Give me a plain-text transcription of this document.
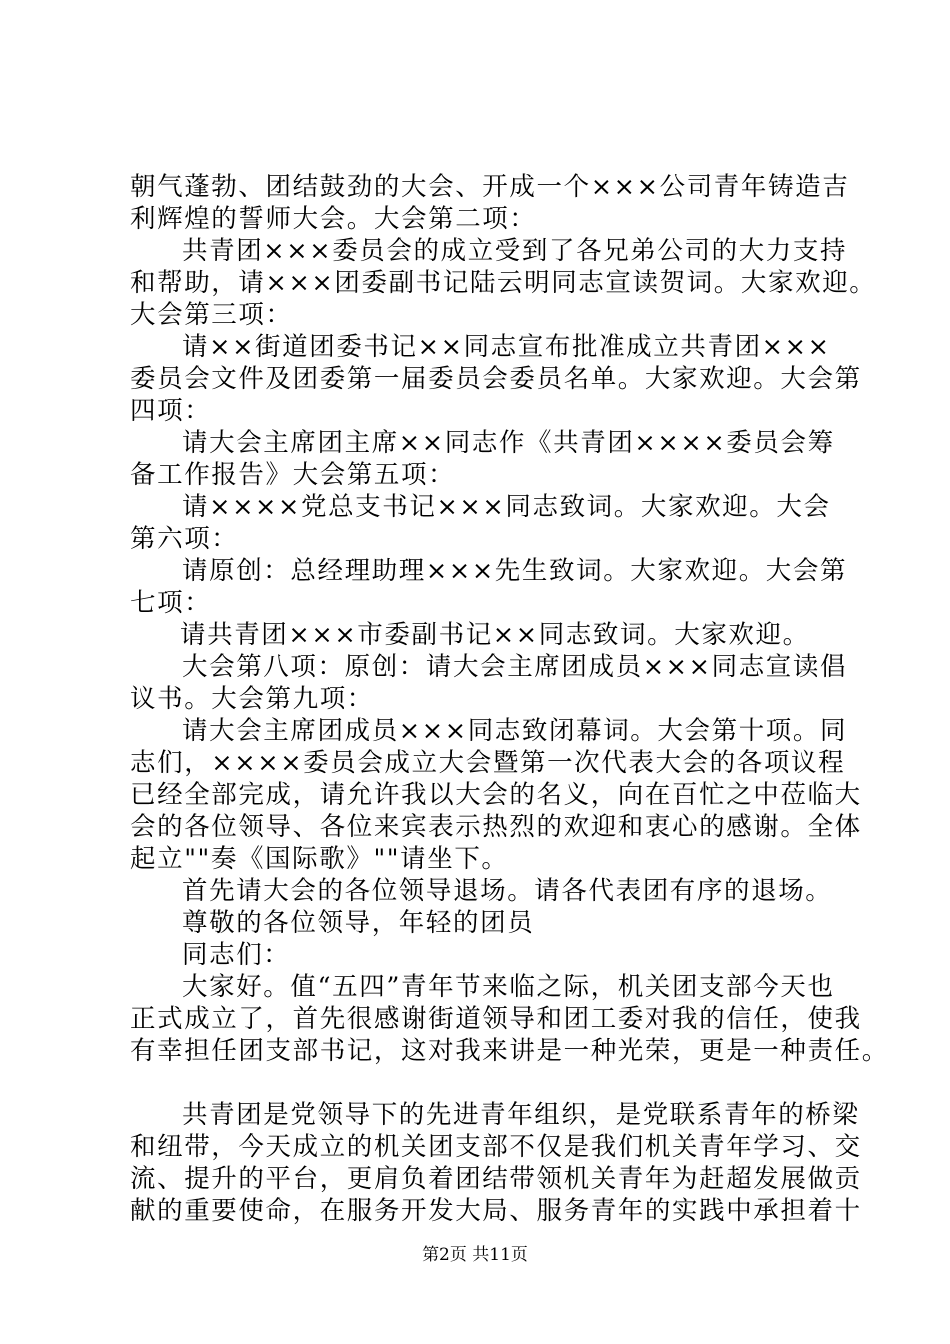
朝气蓬勃、团结鼓劲的大会、开成一个×××公司青年铸造吉
利辉煌的誓师大会。大会第二项：
共青团×××委员会的成立受到了各兄弟公司的大力支持
和帮助，请×××团委副书记陆云明同志宣读贺词。大家欢迎。
大会第三项：
请××街道团委书记××同志宣布批准成立共青团×××
委员会文件及团委第一届委员会委员名单。大家欢迎。大会第
四项：
请大会主席团主席××同志作《共青团××××委员会筹
备工作报告》大会第五项：
请××××党总支书记×××同志致词。大家欢迎。大会
第六项：
请原创：总经理助理×××先生致词。大家欢迎。大会第
七项：
请共青团×××市委副书记××同志致词。大家欢迎。
大会第八项：原创：请大会主席团成员×××同志宣读倡
议书。大会第九项：
请大会主席团成员×××同志致闭幕词。大会第十项。同
志们，××××委员会成立大会暨第一次代表大会的各项议程
已经全部完成，请允许我以大会的名义，向在百忙之中莅临大
会的各位领导、各位来宾表示热烈的欢迎和衷心的感谢。全体
起立""奏《国际歌》""请坐下。
首先请大会的各位领导退场。请各代表团有序的退场。
尊敬的各位领导，年轻的团员
同志们：
大家好。值“五四”青年节来临之际，机关团支部今天也
正式成立了，首先很感谢街道领导和团工委对我的信任，使我
有幸担任团支部书记，这对我来讲是一种光荣，更是一种责任。
共青团是党领导下的先进青年组织，是党联系青年的桥梁
和纽带，今天成立的机关团支部不仅是我们机关青年学习、交
流、提升的平台，更肩负着团结带领机关青年为赶超发展做贡
献的重要使命，在服务开发大局、服务青年的实践中承担着十
第2页 共11页
